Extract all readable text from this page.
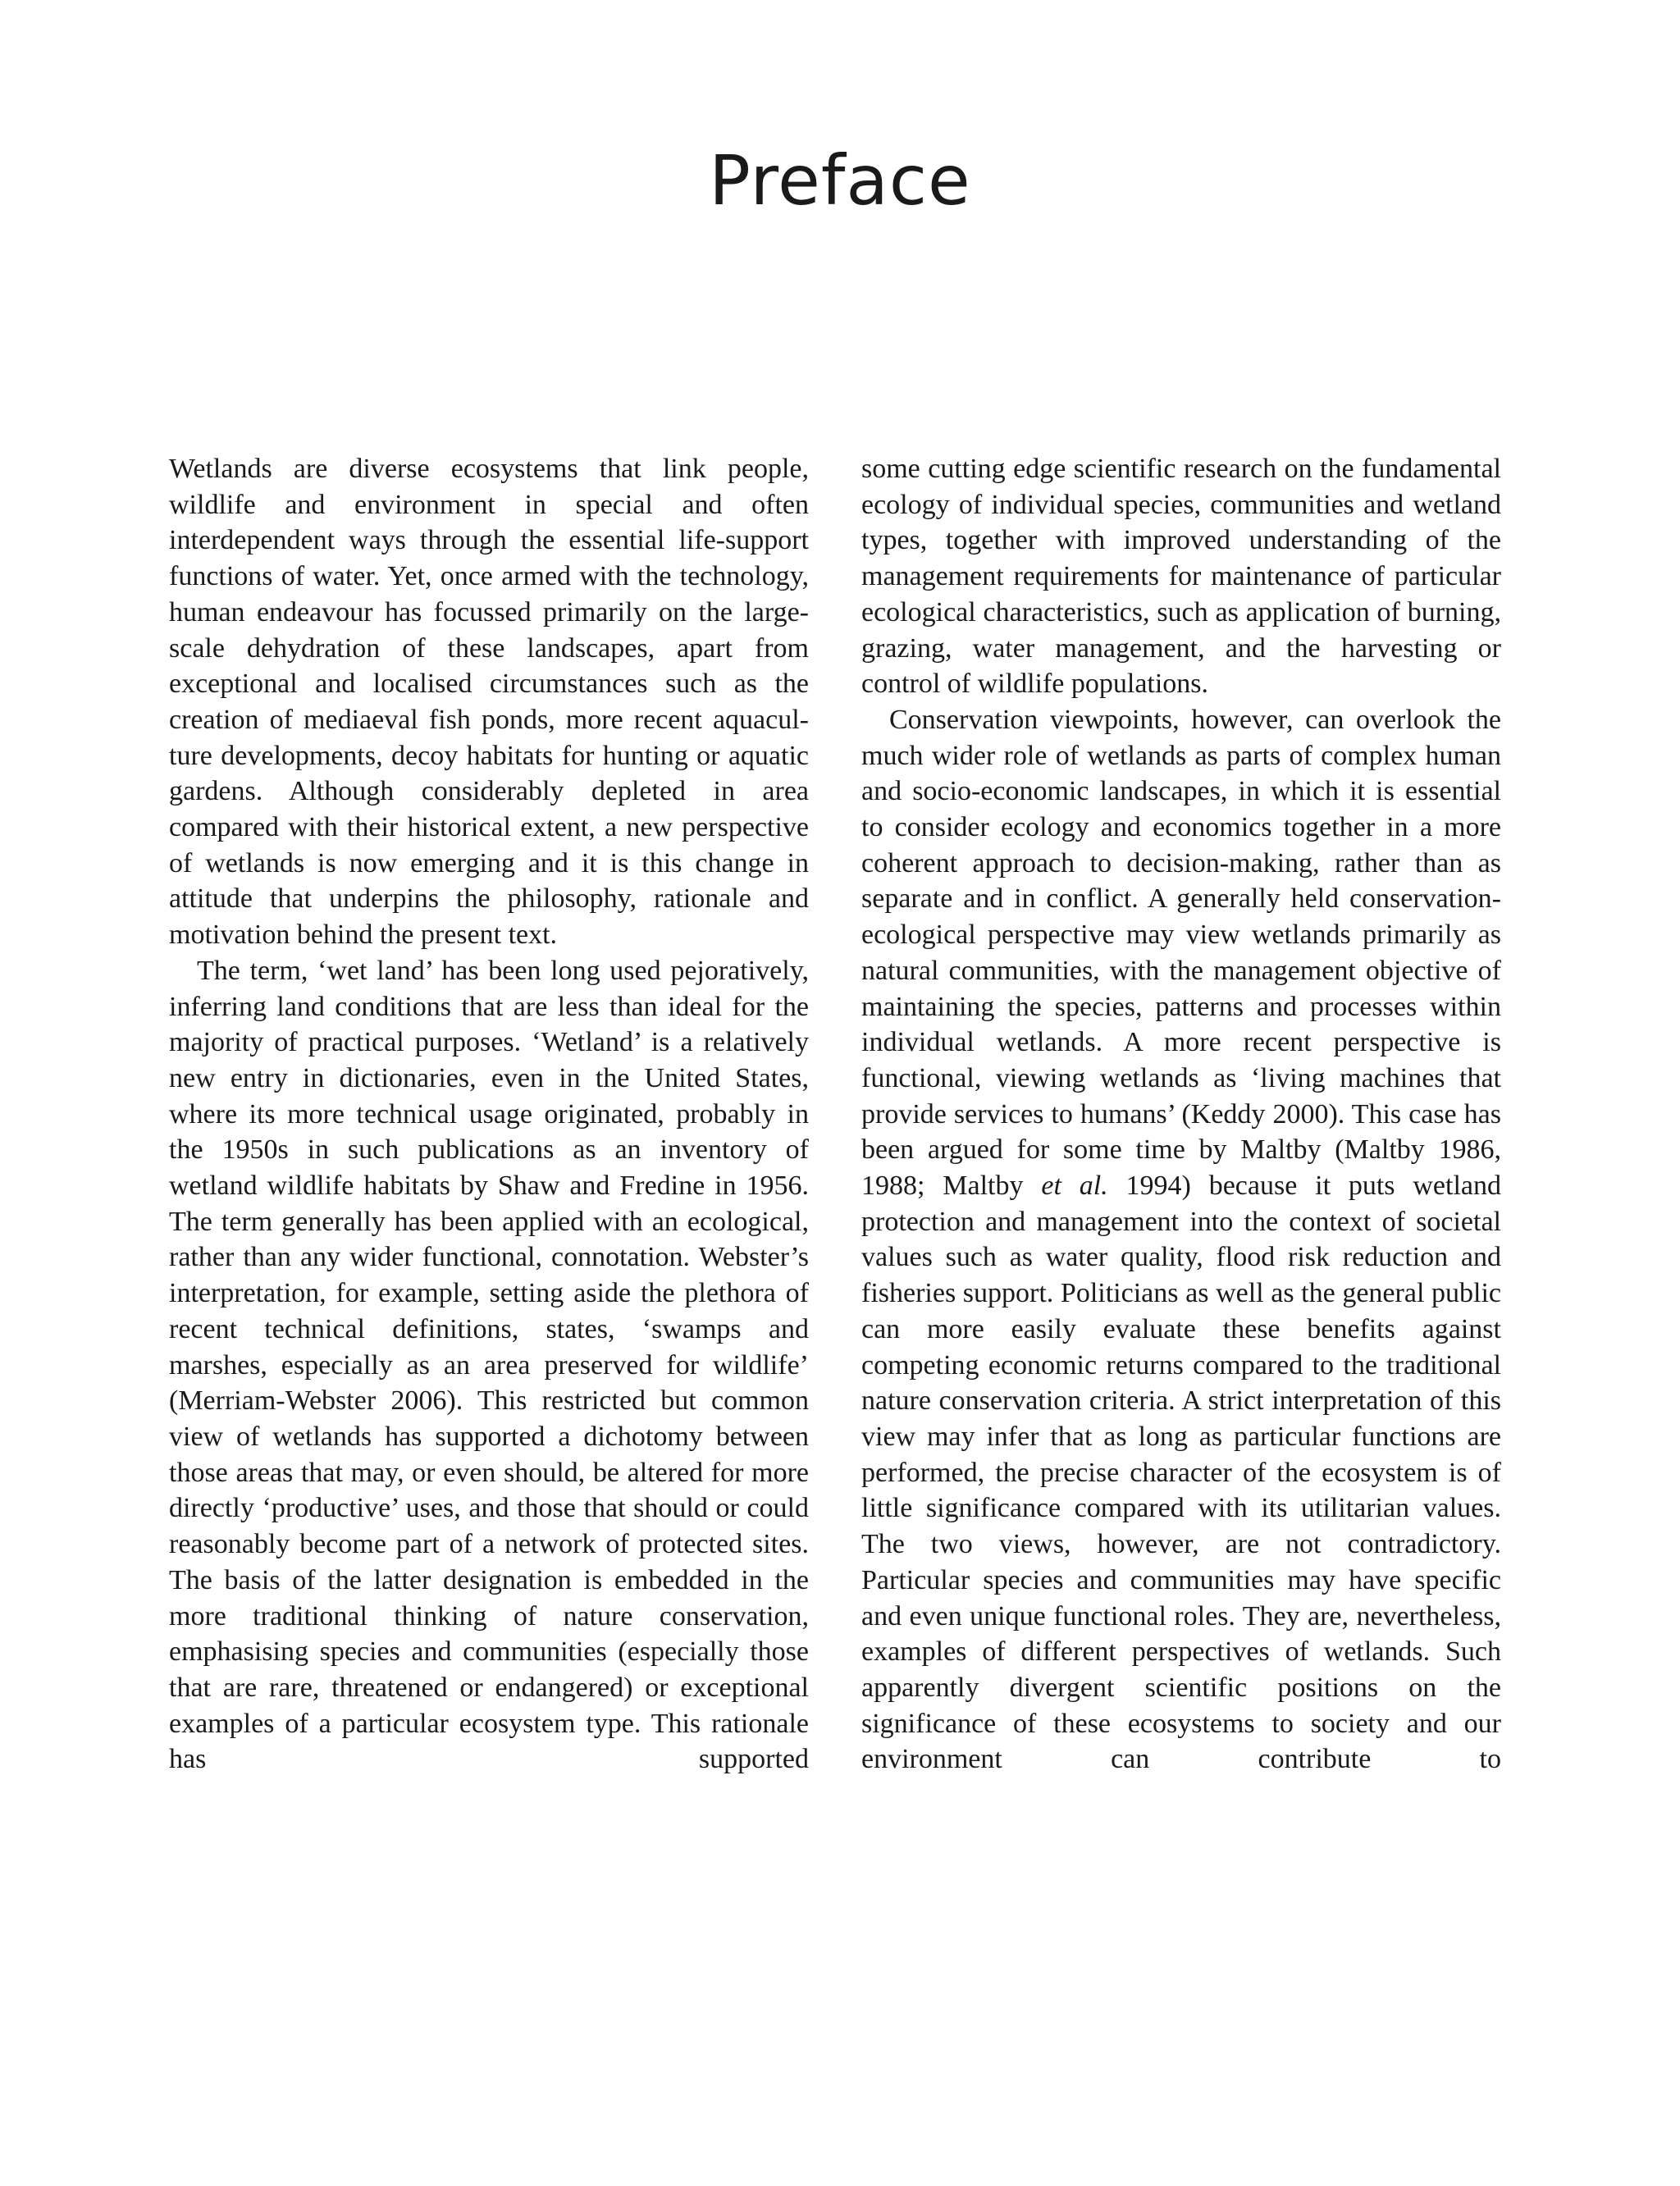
Preface

Wetlands are diverse ecosystems that link people, wildlife and environment in special and often interdependent ways through the essential life-support functions of water. Yet, once armed with the technology, human endeavour has focussed primarily on the large-scale dehydration of these landscapes, apart from exceptional and localised circumstances such as the creation of mediaeval fish ponds, more recent aquaculture developments, decoy habitats for hunting or aquatic gardens. Although considerably depleted in area compared with their historical extent, a new perspective of wetlands is now emerging and it is this change in attitude that underpins the philosophy, rationale and motivation behind the present text.

The term, ‘wet land’ has been long used pejoratively, inferring land conditions that are less than ideal for the majority of practical purposes. ‘Wetland’ is a relatively new entry in dictionaries, even in the United States, where its more technical usage originated, probably in the 1950s in such publications as an inventory of wetland wildlife habitats by Shaw and Fredine in 1956. The term generally has been applied with an ecological, rather than any wider functional, connotation. Webster’s interpretation, for example, setting aside the plethora of recent technical definitions, states, ‘swamps and marshes, especially as an area preserved for wildlife’ (Merriam-Webster 2006). This restricted but common view of wetlands has supported a dichotomy between those areas that may, or even should, be altered for more directly ‘productive’ uses, and those that should or could reasonably become part of a network of protected sites. The basis of the latter designation is embedded in the more traditional thinking of nature conservation, emphasising species and communities (especially those that are rare, threatened or endangered) or exceptional examples of a particular ecosystem type. This rationale has supported

some cutting edge scientific research on the fundamental ecology of individual species, communities and wetland types, together with improved understanding of the management requirements for maintenance of particular ecological characteristics, such as application of burning, grazing, water management, and the harvesting or control of wildlife populations.

Conservation viewpoints, however, can overlook the much wider role of wetlands as parts of complex human and socio-economic landscapes, in which it is essential to consider ecology and economics together in a more coherent approach to decision-making, rather than as separate and in conflict. A generally held conservation-ecological perspective may view wetlands primarily as natural communities, with the management objective of maintaining the species, patterns and processes within individual wetlands. A more recent perspective is functional, viewing wetlands as ‘living machines that provide services to humans’ (Keddy 2000). This case has been argued for some time by Maltby (Maltby 1986, 1988; Maltby et al. 1994) because it puts wetland protection and management into the context of societal values such as water quality, flood risk reduction and fisheries support. Politicians as well as the general public can more easily evaluate these benefits against competing economic returns compared to the traditional nature conservation criteria. A strict interpretation of this view may infer that as long as particular functions are performed, the precise character of the ecosystem is of little significance compared with its utilitarian values. The two views, however, are not contradictory. Particular species and communities may have specific and even unique functional roles. They are, nevertheless, examples of different perspectives of wetlands. Such apparently divergent scientific positions on the significance of these ecosystems to society and our environment can contribute to
